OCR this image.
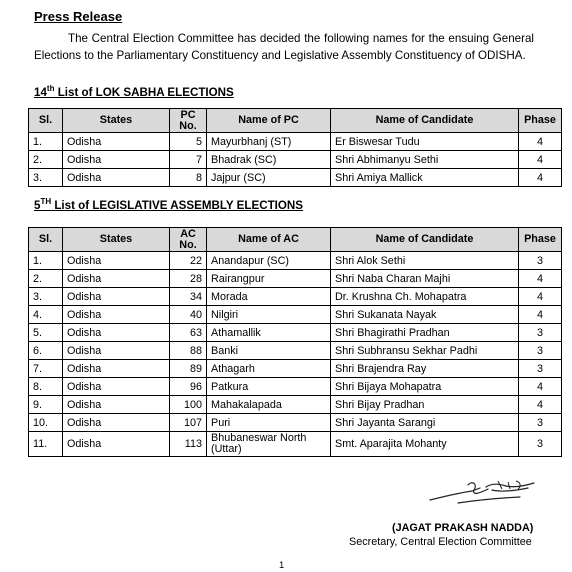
Press Release
The Central Election Committee has decided the following names for the ensuing General Elections to the Parliamentary Constituency and Legislative Assembly Constituency of ODISHA.
14th List of LOK SABHA ELECTIONS
Sl.	States	PC No.	Name of PC	Name of Candidate	Phase
1.	Odisha	5	Mayurbhanj (ST)	Er Biswesar Tudu	4
2.	Odisha	7	Bhadrak (SC)	Shri Abhimanyu Sethi	4
3.	Odisha	8	Jajpur (SC)	Shri Amiya Mallick	4
5TH List of LEGISLATIVE ASSEMBLY ELECTIONS
Sl.	States	AC No.	Name of AC	Name of Candidate	Phase
1.	Odisha	22	Anandapur (SC)	Shri Alok Sethi	3
2.	Odisha	28	Rairangpur	Shri Naba Charan Majhi	4
3.	Odisha	34	Morada	Dr. Krushna Ch. Mohapatra	4
4.	Odisha	40	Nilgiri	Shri Sukanata Nayak	4
5.	Odisha	63	Athamallik	Shri Bhagirathi Pradhan	3
6.	Odisha	88	Banki	Shri Subhransu Sekhar Padhi	3
7.	Odisha	89	Athagarh	Shri Brajendra Ray	3
8.	Odisha	96	Patkura	Shri Bijaya Mohapatra	4
9.	Odisha	100	Mahakalapada	Shri Bijay Pradhan	4
10.	Odisha	107	Puri	Shri Jayanta Sarangi	3
11.	Odisha	113	Bhubaneswar North (Uttar)	Smt. Aparajita Mohanty	3
(JAGAT PRAKASH NADDA)
Secretary, Central Election Committee
1
